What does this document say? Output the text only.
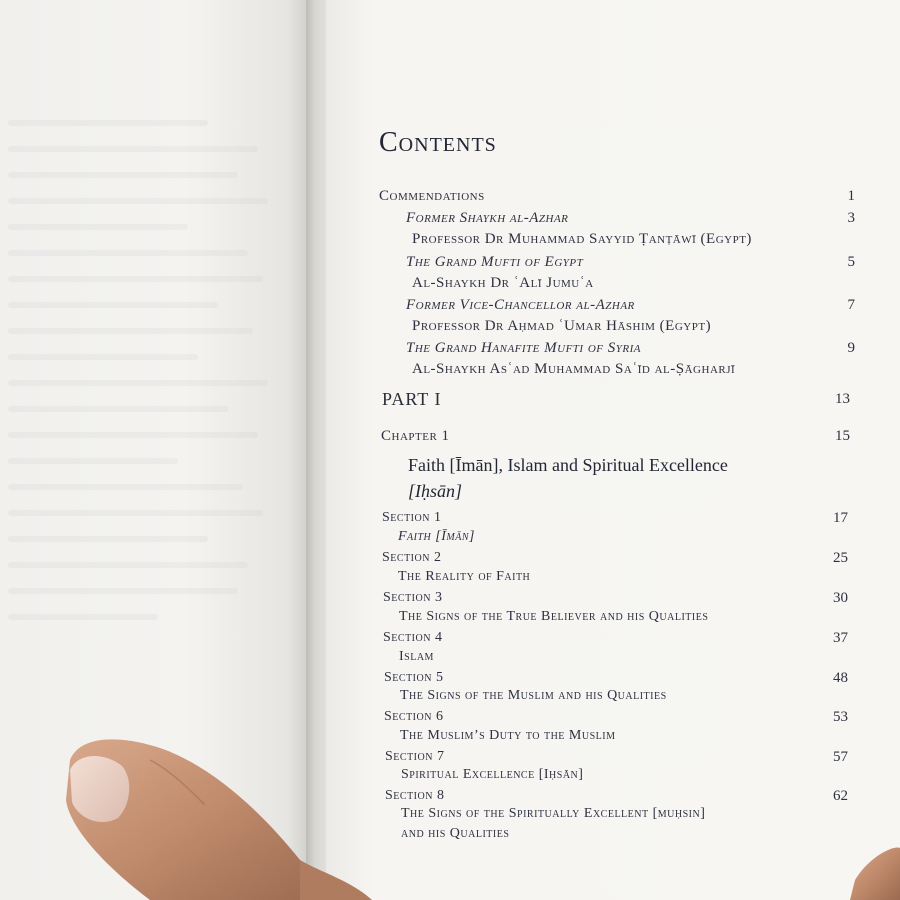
Contents
Commendations	1
Former Shaykh al-Azhar	3
Professor Dr Muhammad Sayyid Ṭanṭāwī (Egypt)
The Grand Mufti of Egypt	5
Al-Shaykh Dr ʿAlī Jumuʿa
Former Vice-Chancellor al-Azhar	7
Professor Dr Aḥmad ʿUmar Hāshim (Egypt)
The Grand Hanafite Mufti of Syria	9
Al-Shaykh Asʿad Muhammad Saʿīd al-Ṣāgharjī
PART I	13
Chapter 1	15
Faith [Īmān], Islam and Spiritual Excellence
[Iḥsān]
Section 1	17
Faith [Īmān]
Section 2	25
The Reality of Faith
Section 3	30
The Signs of the True Believer and his Qualities
Section 4	37
Islam
Section 5	48
The Signs of the Muslim and his Qualities
Section 6	53
The Muslim’s Duty to the Muslim
Section 7	57
Spiritual Excellence [Iḥsān]
Section 8	62
The Signs of the Spiritually Excellent [muḥsin]
and his Qualities
